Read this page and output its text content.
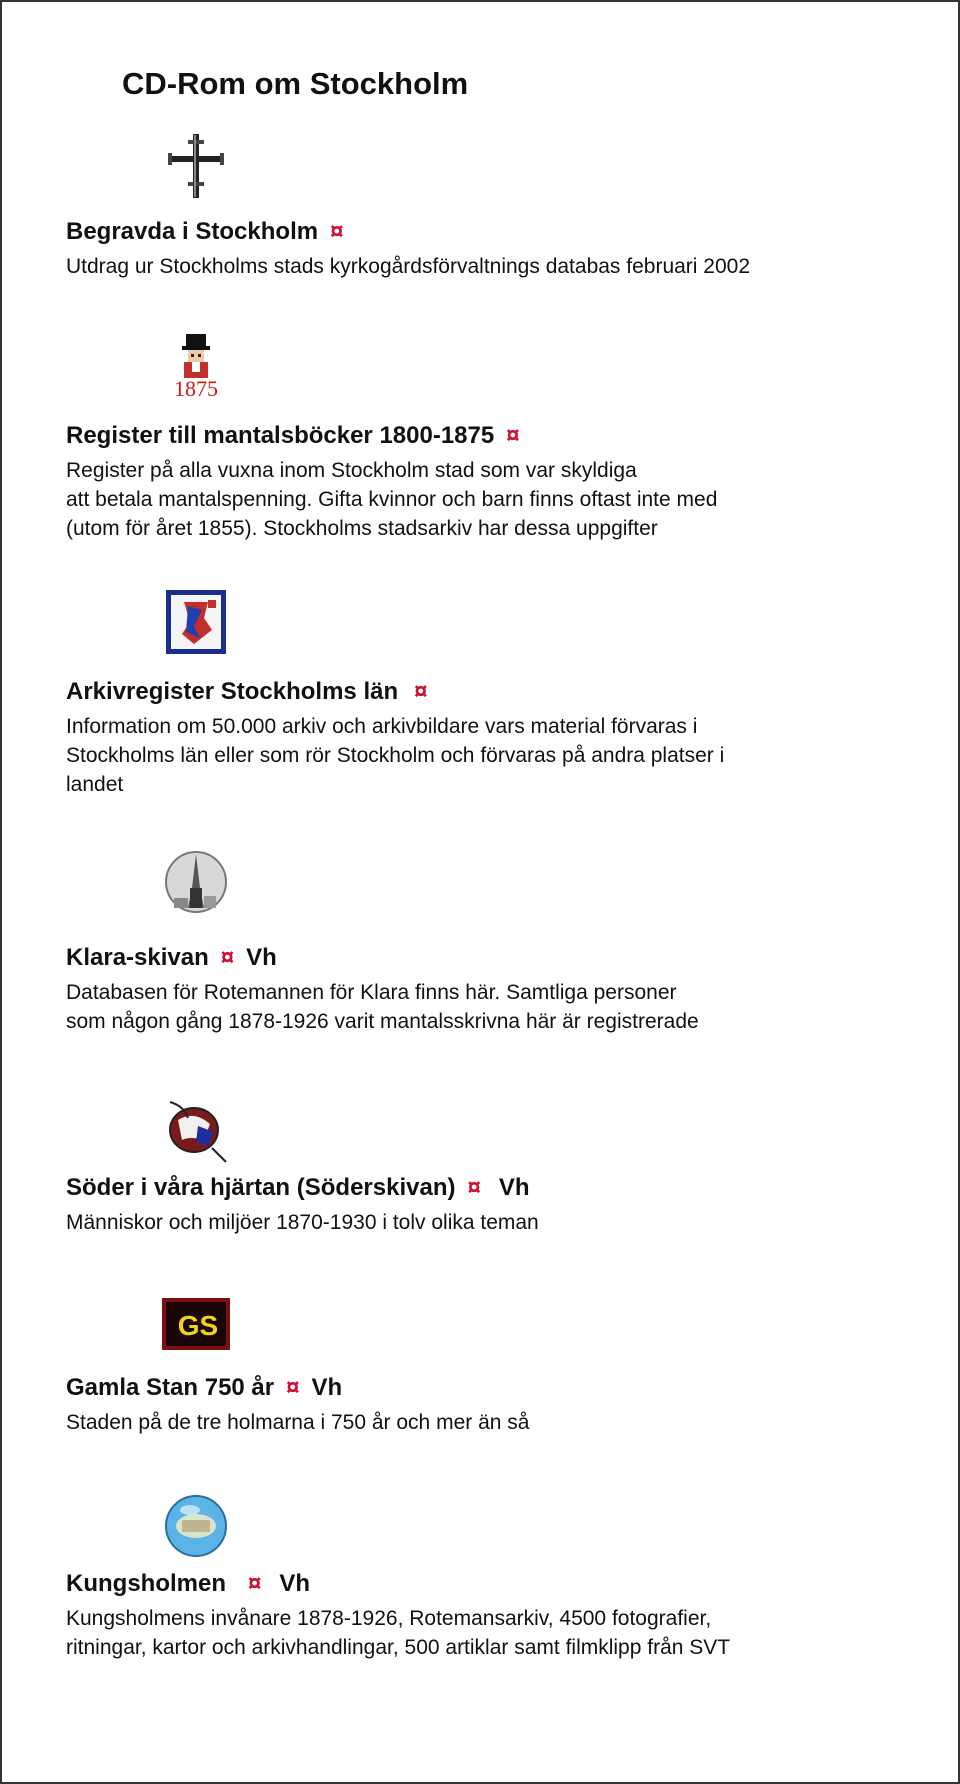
CD-Rom om Stockholm

Begravda i Stockholm ¤

Utdrag ur Stockholms stads kyrkogårdsförvaltnings databas februari 2002

1875

Register till mantalsböcker 1800-1875 ¤

Register på alla vuxna inom Stockholm stad som var skyldiga
att betala mantalspenning. Gifta kvinnor och barn finns oftast inte med
(utom för året 1855). Stockholms stadsarkiv har dessa uppgifter

Arkivregister Stockholms län ¤

Information om 50.000 arkiv och arkivbildare vars material förvaras i
Stockholms län eller som rör Stockholm och förvaras på andra platser i
landet

Klara-skivan ¤ Vh

Databasen för Rotemannen för Klara finns här. Samtliga personer
som någon gång 1878-1926 varit mantalsskrivna här är registrerade

Söder i våra hjärtan (Söderskivan) ¤ Vh

Människor och miljöer 1870-1930 i tolv olika teman

GS

Gamla Stan 750 år ¤ Vh

Staden på de tre holmarna i 750 år och mer än så

Kungsholmen ¤ Vh

Kungsholmens invånare 1878-1926, Rotemansarkiv, 4500 fotografier,
ritningar, kartor och arkivhandlingar, 500 artiklar samt filmklipp från SVT
